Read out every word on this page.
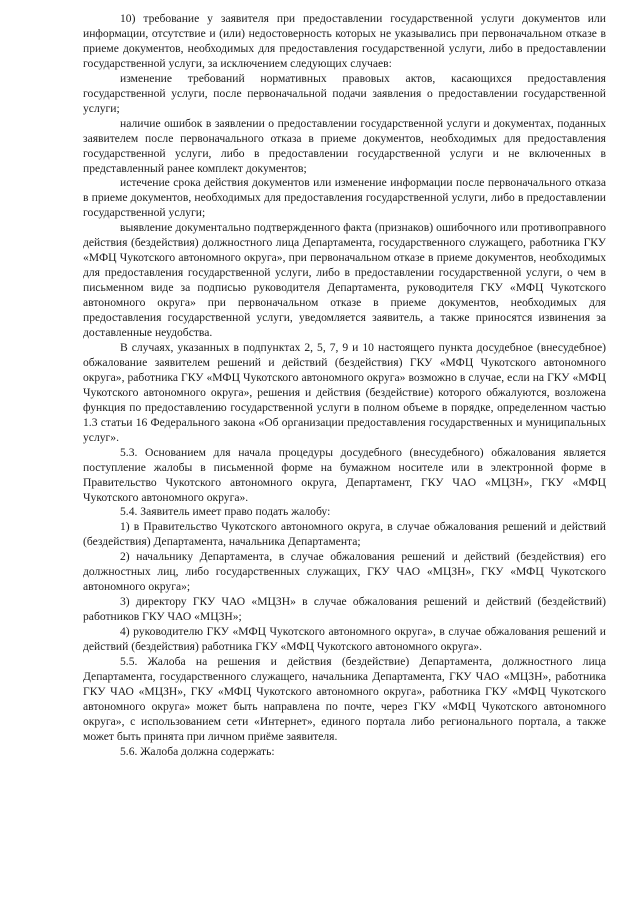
10) требование у заявителя при предоставлении государственной услуги документов или информации, отсутствие и (или) недостоверность которых не указывались при первоначальном отказе в приеме документов, необходимых для предоставления государственной услуги, либо в предоставлении государственной услуги, за исключением следующих случаев:

изменение требований нормативных правовых актов, касающихся предоставления государственной услуги, после первоначальной подачи заявления о предоставлении государственной услуги;

наличие ошибок в заявлении о предоставлении государственной услуги и документах, поданных заявителем после первоначального отказа в приеме документов, необходимых для предоставления государственной услуги, либо в предоставлении государственной услуги и не включенных в представленный ранее комплект документов;

истечение срока действия документов или изменение информации после первоначального отказа в приеме документов, необходимых для предоставления государственной услуги, либо в предоставлении государственной услуги;

выявление документально подтвержденного факта (признаков) ошибочного или противоправного действия (бездействия) должностного лица Департамента, государственного служащего, работника ГКУ «МФЦ Чукотского автономного округа», при первоначальном отказе в приеме документов, необходимых для предоставления государственной услуги, либо в предоставлении государственной услуги, о чем в письменном виде за подписью руководителя Департамента, руководителя ГКУ «МФЦ Чукотского автономного округа» при первоначальном отказе в приеме документов, необходимых для предоставления государственной услуги, уведомляется заявитель, а также приносятся извинения за доставленные неудобства.

В случаях, указанных в подпунктах 2, 5, 7, 9 и 10 настоящего пункта досудебное (внесудебное) обжалование заявителем решений и действий (бездействия) ГКУ «МФЦ Чукотского автономного округа», работника ГКУ «МФЦ Чукотского автономного округа» возможно в случае, если на ГКУ «МФЦ Чукотского автономного округа», решения и действия (бездействие) которого обжалуются, возложена функция по предоставлению государственной услуги в полном объеме в порядке, определенном частью 1.3 статьи 16 Федерального закона «Об организации предоставления государственных и муниципальных услуг».

5.3. Основанием для начала процедуры досудебного (внесудебного) обжалования является поступление жалобы в письменной форме на бумажном носителе или в электронной форме в Правительство Чукотского автономного округа, Департамент, ГКУ ЧАО «МЦЗН», ГКУ «МФЦ Чукотского автономного округа».

5.4. Заявитель имеет право подать жалобу:

1) в Правительство Чукотского автономного округа, в случае обжалования решений и действий (бездействия) Департамента, начальника Департамента;

2) начальнику Департамента, в случае обжалования решений и действий (бездействия) его должностных лиц, либо государственных служащих, ГКУ ЧАО «МЦЗН», ГКУ «МФЦ Чукотского автономного округа»;

3) директору ГКУ ЧАО «МЦЗН» в случае обжалования решений и действий (бездействий) работников ГКУ ЧАО «МЦЗН»;

4) руководителю ГКУ «МФЦ Чукотского автономного округа», в случае обжалования решений и действий (бездействия) работника ГКУ «МФЦ Чукотского автономного округа».

5.5. Жалоба на решения и действия (бездействие) Департамента, должностного лица Департамента, государственного служащего, начальника Департамента, ГКУ ЧАО «МЦЗН», работника ГКУ ЧАО «МЦЗН», ГКУ «МФЦ Чукотского автономного округа», работника ГКУ «МФЦ Чукотского автономного округа» может быть направлена по почте, через ГКУ «МФЦ Чукотского автономного округа», с использованием сети «Интернет», единого портала либо регионального портала, а также может быть принята при личном приёме заявителя.

5.6. Жалоба должна содержать:
